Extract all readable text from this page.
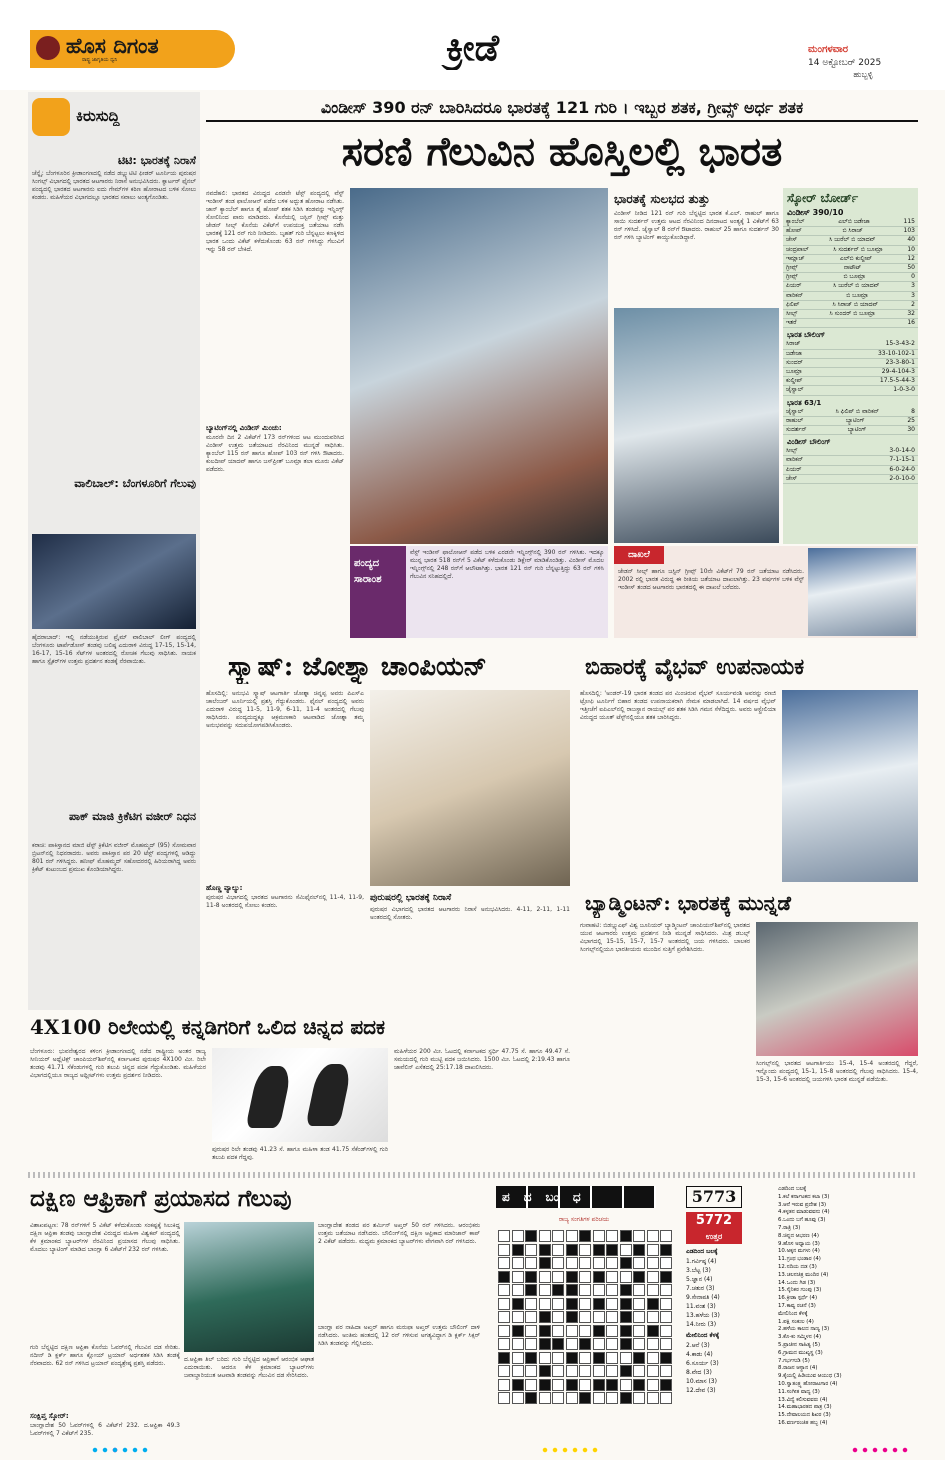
ಹೊಸ ದಿಗಂತ
ರಾಷ್ಟ್ರ ಜಾಗೃತಿಯ ಧ್ವನಿ	ಕ್ರೀಡೆ	ಮಂಗಳವಾರ
14 ಅಕ್ಟೋಬರ್ 2025
ಹುಬ್ಬಳ್ಳಿ
ಕಿರುಸುದ್ದಿ
ಟಿಟಿ: ಭಾರತಕ್ಕೆ ನಿರಾಸೆ
ಚೆನ್ನೈ: ಬೆಂಗಳೂರಿನ ಕ್ರೀಡಾಂಗಣದಲ್ಲಿ ನಡೆದ ಡಬ್ಲ್ಯುಟಿಟಿ ಫೀಡರ್ ಟೂರ್ನಿಯ ಪುರುಷರ ಸಿಂಗಲ್ಸ್ ವಿಭಾಗದಲ್ಲಿ ಭಾರತದ ಆಟಗಾರರು ನಿರಾಸೆ ಅನುಭವಿಸಿದರು. ಕ್ವಾರ್ಟರ್ ಫೈನಲ್ ಪಂದ್ಯದಲ್ಲಿ ಭಾರತದ ಆಟಗಾರನು ಐದು ಗೇಮ್‌ಗಳ ಕಠಿಣ ಹೋರಾಟದ ಬಳಿಕ ಸೋಲು ಕಂಡರು. ಮಹಿಳೆಯರ ವಿಭಾಗದಲ್ಲೂ ಭಾರತದ ಸವಾಲು ಅಂತ್ಯಗೊಂಡಿತು.
ವಾಲಿಬಾಲ್: ಬೆಂಗಳೂರಿಗೆ ಗೆಲುವು
ಹೈದರಾಬಾದ್: ಇಲ್ಲಿ ನಡೆಯುತ್ತಿರುವ ಪ್ರೈಮ್ ವಾಲಿಬಾಲ್ ಲೀಗ್ ಪಂದ್ಯದಲ್ಲಿ ಬೆಂಗಳೂರು ಟಾರ್ಪೆಡೋಸ್ ತಂಡವು ಬಲಿಷ್ಠ ಎದುರಾಳಿ ವಿರುದ್ಧ 17-15, 15-14, 16-17, 15-16 ಸೆಟ್‌ಗಳ ಅಂತರದಲ್ಲಿ ರೋಚಕ ಗೆಲುವು ಸಾಧಿಸಿತು. ನಾಯಕ ಹಾಗೂ ಸ್ಪೈಕರ್‌ಗಳ ಉತ್ತಮ ಪ್ರದರ್ಶನ ತಂಡಕ್ಕೆ ನೆರವಾಯಿತು.
ಪಾಕ್ ಮಾಜಿ ಕ್ರಿಕೆಟಿಗ ವಜೀರ್ ನಿಧನ
ಕರಾಚಿ: ಪಾಕಿಸ್ತಾನದ ಮಾಜಿ ಟೆಸ್ಟ್ ಕ್ರಿಕೆಟಿಗ ವಜೀರ್ ಮೊಹಮ್ಮದ್ (95) ಸೋಮವಾರ ಬ್ರಿಟನ್‌ನಲ್ಲಿ ನಿಧನರಾದರು. ಅವರು ಪಾಕಿಸ್ತಾನ ಪರ 20 ಟೆಸ್ಟ್ ಪಂದ್ಯಗಳಲ್ಲಿ ಆಡಿದ್ದು 801 ರನ್ ಗಳಿಸಿದ್ದರು. ಹನೀಫ್ ಮೊಹಮ್ಮದ್ ಸಹೋದರರಲ್ಲಿ ಹಿರಿಯರಾಗಿದ್ದ ಅವರು ಕ್ರಿಕೆಟ್ ಕುಟುಂಬದ ಪ್ರಮುಖ ಕೊಂಡಿಯಾಗಿದ್ದರು.
ವಿಂಡೀಸ್ 390 ರನ್ ಬಾರಿಸಿದರೂ ಭಾರತಕ್ಕೆ 121 ಗುರಿ । ಇಬ್ಬರ ಶತಕ, ಗ್ರೀವ್ಸ್ ಅರ್ಧ ಶತಕ
ಸರಣಿ ಗೆಲುವಿನ ಹೊಸ್ತಿಲಲ್ಲಿ ಭಾರತ
ನವದೆಹಲಿ: ಭಾರತದ ವಿರುದ್ಧದ ಎರಡನೇ ಟೆಸ್ಟ್ ಪಂದ್ಯದಲ್ಲಿ ವೆಸ್ಟ್ ಇಂಡೀಸ್ ತಂಡ ಫಾಲೋಆನ್ ಪಡೆದ ಬಳಿಕ ಅದ್ಭುತ ಹೋರಾಟ ನಡೆಸಿತು. ಜಾನ್ ಕ್ಯಾಂಬೆಲ್ ಹಾಗೂ ಶೈ ಹೋಪ್ ಶತಕ ಸಿಡಿಸಿ ತಂಡವನ್ನು ಇನ್ನಿಂಗ್ಸ್ ಸೋಲಿನಿಂದ ಪಾರು ಮಾಡಿದರು. ಕೊನೆಯಲ್ಲಿ ಜಸ್ಟಿನ್ ಗ್ರೀವ್ಸ್ ಮತ್ತು ಜೇಡನ್ ಸೀಲ್ಸ್ ಕೊನೆಯ ವಿಕೆಟ್‌ಗೆ ಉಪಯುಕ್ತ ಜತೆಯಾಟ ನಡೆಸಿ ಭಾರತಕ್ಕೆ 121 ರನ್ ಗುರಿ ನೀಡಿದರು. ಬೃಹತ್ ಗುರಿ ಬೆನ್ನಟ್ಟಲು ಕಣಕ್ಕಿಳಿದ ಭಾರತ ಒಂದು ವಿಕೆಟ್ ಕಳೆದುಕೊಂಡು 63 ರನ್ ಗಳಿಸಿದ್ದು ಗೆಲುವಿಗೆ ಇನ್ನು 58 ರನ್ ಬೇಕಿದೆ.
ಬ್ಯಾಟಿಂಗ್‌ನಲ್ಲಿ ವಿಂಡೀಸ್ ಮಿಂಚು:
ಮೂರನೇ ದಿನ 2 ವಿಕೆಟ್‌ಗೆ 173 ರನ್‌ಗಳಿಂದ ಆಟ ಮುಂದುವರಿಸಿದ ವಿಂಡೀಸ್ ಉತ್ತಮ ಜತೆಯಾಟದ ನೆರವಿನಿಂದ ಮುನ್ನಡೆ ಸಾಧಿಸಿತು. ಕ್ಯಾಂಬೆಲ್ 115 ರನ್ ಹಾಗೂ ಹೋಪ್ 103 ರನ್ ಗಳಿಸಿ ಔಟಾದರು. ಕುಲದೀಪ್ ಯಾದವ್ ಹಾಗೂ ಜಸ್‌ಪ್ರೀತ್ ಬೂಮ್ರಾ ತಲಾ ಮೂರು ವಿಕೆಟ್ ಪಡೆದರು.
ಭಾರತಕ್ಕೆ ಸುಲಭದ ತುತ್ತು
ವಿಂಡೀಸ್ ನೀಡಿದ 121 ರನ್ ಗುರಿ ಬೆನ್ನಟ್ಟಿದ ಭಾರತ ಕೆ.ಎಲ್. ರಾಹುಲ್ ಹಾಗೂ ಸಾಯಿ ಸುದರ್ಶನ್ ಉತ್ತಮ ಆಟದ ನೆರವಿನಿಂದ ದಿನದಾಟದ ಅಂತ್ಯಕ್ಕೆ 1 ವಿಕೆಟ್‌ಗೆ 63 ರನ್ ಗಳಿಸಿದೆ. ಜೈಸ್ವಾಲ್ 8 ರನ್‌ಗೆ ಔಟಾದರು. ರಾಹುಲ್ 25 ಹಾಗೂ ಸುದರ್ಶನ್ 30 ರನ್ ಗಳಿಸಿ ಬ್ಯಾಟಿಂಗ್ ಕಾಯ್ದುಕೊಂಡಿದ್ದಾರೆ.
ಸ್ಕೋರ್ ಬೋರ್ಡ್
ವಿಂಡೀಸ್ 390/10
ಕ್ಯಾಂಬೆಲ್	ಎಲ್‌ಬಿ ಜಡೇಜಾ	115
ಹೋಪ್	ಬಿ ಸಿರಾಜ್	103
ಚೇಸ್	ಸಿ ಜುರೆಲ್ ಬಿ ಯಾದವ್	40
ಚಂದ್ರಪಾಲ್	ಸಿ ಸುದರ್ಶನ್ ಬಿ ಬೂಮ್ರಾ	10
ಇಮ್ಲಾಚ್	ಎಲ್‌ಬಿ ಕುಲ್ದೀಪ್	12
ಗ್ರೀವ್ಸ್	ನಾಟೌಟ್	50
ಗ್ರೀವ್ಸ್	ಬಿ ಬೂಮ್ರಾ	0
ಪಿಯರ್	ಸಿ ಜುರೆಲ್ ಬಿ ಯಾದವ್	3
ವಾರಿಕನ್	ಬಿ ಬೂಮ್ರಾ	3
ಫಿಲಿಪ್	ಸಿ ಸಿರಾಜ್ ಬಿ ಯಾದವ್	2
ಸೀಲ್ಸ್	ಸಿ ಸುಂದರ್ ಬಿ ಬೂಮ್ರಾ	32
ಇತರೆ	16
ಭಾರತ ಬೌಲಿಂಗ್
ಸಿರಾಜ್	15-3-43-2
ಜಡೇಜಾ	33-10-102-1
ಸುಂದರ್	23-3-80-1
ಬೂಮ್ರಾ	29-4-104-3
ಕುಲ್ದೀಪ್	17.5-5-44-3
ಜೈಸ್ವಾಲ್	1-0-3-0
ಭಾರತ 63/1
ಜೈಸ್ವಾಲ್	ಸಿ ಫಿಲಿಪ್ ಬಿ ವಾರಿಕನ್	8
ರಾಹುಲ್	ಬ್ಯಾಟಿಂಗ್	25
ಸುದರ್ಶನ್	ಬ್ಯಾಟಿಂಗ್	30
ವಿಂಡೀಸ್ ಬೌಲಿಂಗ್
ಸೀಲ್ಸ್	3-0-14-0
ವಾರಿಕನ್	7-1-15-1
ಪಿಯರ್	6-0-24-0
ಚೇಸ್	2-0-10-0
ಪಂದ್ಯದ ಸಾರಾಂಶ
ವೆಸ್ಟ್ ಇಂಡೀಸ್ ಫಾಲೋಆನ್ ಪಡೆದ ಬಳಿಕ ಎರಡನೇ ಇನ್ನಿಂಗ್ಸ್‌ನಲ್ಲಿ 390 ರನ್ ಗಳಿಸಿತು. ಇದಕ್ಕೂ ಮುನ್ನ ಭಾರತ 518 ರನ್‌ಗೆ 5 ವಿಕೆಟ್ ಕಳೆದುಕೊಂಡು ಡಿಕ್ಲೇರ್ ಮಾಡಿಕೊಂಡಿತ್ತು. ವಿಂಡೀಸ್ ಮೊದಲ ಇನ್ನಿಂಗ್ಸ್‌ನಲ್ಲಿ 248 ರನ್‌ಗೆ ಆಲೌಟಾಗಿತ್ತು. ಭಾರತ 121 ರನ್ ಗುರಿ ಬೆನ್ನಟ್ಟುತ್ತಿದ್ದು 63 ರನ್ ಗಳಿಸಿ ಗೆಲುವಿನ ಸನಿಹದಲ್ಲಿದೆ.
ದಾಖಲೆ
ಜೇಡನ್ ಸೀಲ್ಸ್ ಹಾಗೂ ಜಸ್ಟಿನ್ ಗ್ರೀವ್ಸ್ 10ನೇ ವಿಕೆಟ್‌ಗೆ 79 ರನ್ ಜತೆಯಾಟ ನಡೆಸಿದರು. 2002 ರಲ್ಲಿ ಭಾರತ ವಿರುದ್ಧ ಈ ರೀತಿಯ ಜತೆಯಾಟ ದಾಖಲಾಗಿತ್ತು. 23 ವರ್ಷಗಳ ಬಳಿಕ ವೆಸ್ಟ್ ಇಂಡೀಸ್ ತಂಡದ ಆಟಗಾರರು ಭಾರತದಲ್ಲಿ ಈ ದಾಖಲೆ ಬರೆದರು.
ಸ್ಕ್ವಾಷ್: ಜೋಶ್ನಾ ಚಾಂಪಿಯನ್
ಹೊಸದಿಲ್ಲಿ: ಅನುಭವಿ ಸ್ಕ್ವಾಷ್ ಆಟಗಾರ್ತಿ ಜೋಶ್ನಾ ಚಿನ್ನಪ್ಪ ಅವರು ಪಿಎಸ್‌ಎ ಚಾಲೆಂಜರ್ ಟೂರ್ನಿಯಲ್ಲಿ ಪ್ರಶಸ್ತಿ ಗೆದ್ದುಕೊಂಡರು. ಫೈನಲ್ ಪಂದ್ಯದಲ್ಲಿ ಅವರು ಎದುರಾಳಿ ವಿರುದ್ಧ 11-5, 11-9, 6-11, 11-4 ಅಂತರದಲ್ಲಿ ಗೆಲುವು ಸಾಧಿಸಿದರು. ಪಂದ್ಯದುದ್ದಕ್ಕೂ ಆಕ್ರಮಣಕಾರಿ ಆಟವಾಡಿದ ಜೋಶ್ನಾ ತಮ್ಮ ಅನುಭವವನ್ನು ಸದುಪಯೋಗಪಡಿಸಿಕೊಂಡರು.
ಹೊಣ್ಣ ವ್ಯಾಲ್ಯು:
ಪುರುಷರ ವಿಭಾಗದಲ್ಲಿ ಭಾರತದ ಆಟಗಾರನು ಸೆಮಿಫೈನಲ್‌ನಲ್ಲಿ 11-4, 11-9, 11-8 ಅಂತರದಲ್ಲಿ ಸೋಲು ಕಂಡರು.
ಪುರುಷರಲ್ಲಿ ಭಾರತಕ್ಕೆ ನಿರಾಸೆ
ಪುರುಷರ ವಿಭಾಗದಲ್ಲಿ ಭಾರತದ ಆಟಗಾರರು ನಿರಾಸೆ ಅನುಭವಿಸಿದರು. 4-11, 2-11, 1-11 ಅಂತರದಲ್ಲಿ ಸೋತರು.
ಬಿಹಾರಕ್ಕೆ ವೈಭವ್ ಉಪನಾಯಕ
ಹೊಸದಿಲ್ಲಿ: 'ಅಂಡರ್-19 ಭಾರತ ತಂಡದ ಪರ ಮಿಂಚಿರುವ ವೈಭವ್ ಸೂರ್ಯವಂಶಿ ಅವರನ್ನು ರಣಜಿ ಟ್ರೋಫಿ ಟೂರ್ನಿಗೆ ಬಿಹಾರ ತಂಡದ ಉಪನಾಯಕರಾಗಿ ನೇಮಕ ಮಾಡಲಾಗಿದೆ. 14 ವರ್ಷದ ವೈಭವ್ ಇತ್ತೀಚೆಗೆ ಐಪಿಎಲ್‌ನಲ್ಲಿ ರಾಜಸ್ಥಾನ ರಾಯಲ್ಸ್ ಪರ ಶತಕ ಸಿಡಿಸಿ ಗಮನ ಸೆಳೆದಿದ್ದರು. ಅವರು ಆಸ್ಟ್ರೇಲಿಯಾ ವಿರುದ್ಧದ ಯೂತ್ ಟೆಸ್ಟ್‌ನಲ್ಲಿಯೂ ಶತಕ ಬಾರಿಸಿದ್ದರು.
ಬ್ಯಾಡ್ಮಿಂಟನ್: ಭಾರತಕ್ಕೆ ಮುನ್ನಡೆ
ಗುವಾಹಟಿ: ಬಿಡಬ್ಲ್ಯುಎಫ್ ವಿಶ್ವ ಜೂನಿಯರ್ ಬ್ಯಾಡ್ಮಿಂಟನ್ ಚಾಂಪಿಯನ್‌ಶಿಪ್‌ನಲ್ಲಿ ಭಾರತದ ಯುವ ಆಟಗಾರರು ಉತ್ತಮ ಪ್ರದರ್ಶನ ನೀಡಿ ಮುನ್ನಡೆ ಸಾಧಿಸಿದರು. ಮಿಶ್ರ ಡಬಲ್ಸ್ ವಿಭಾಗದಲ್ಲಿ 15-15, 15-7, 15-7 ಅಂತರದಲ್ಲಿ ಜಯ ಗಳಿಸಿದರು. ಬಾಲಕರ ಸಿಂಗಲ್ಸ್‌ನಲ್ಲಿಯೂ ಭಾರತೀಯರು ಮುಂದಿನ ಸುತ್ತಿಗೆ ಪ್ರವೇಶಿಸಿದರು.
ಸಿಂಗಲ್ಸ್‌ನಲ್ಲಿ ಭಾರತದ ಆಟಗಾರ್ತಿಯು 15-4, 15-4 ಅಂತರದಲ್ಲಿ ಗೆದ್ದರೆ, ಇನ್ನೊಂದು ಪಂದ್ಯದಲ್ಲಿ 15-1, 15-8 ಅಂತರದಲ್ಲಿ ಗೆಲುವು ಸಾಧಿಸಿದರು. 15-4, 15-3, 15-6 ಅಂತರದಲ್ಲಿ ಜಯಗಳಿಸಿ ಭಾರತ ಮುನ್ನಡೆ ಪಡೆಯಿತು.
4X100 ರಿಲೇಯಲ್ಲಿ ಕನ್ನಡಿಗರಿಗೆ ಒಲಿದ ಚಿನ್ನದ ಪದಕ
ಬೆಂಗಳೂರು: ಭುವನೇಶ್ವರದ ಕಳಿಂಗ ಕ್ರೀಡಾಂಗಣದಲ್ಲಿ ನಡೆದ ರಾಷ್ಟ್ರೀಯ ಅಂತರ ರಾಜ್ಯ ಸೀನಿಯರ್ ಅಥ್ಲೆಟಿಕ್ಸ್ ಚಾಂಪಿಯನ್‌ಶಿಪ್‌ನಲ್ಲಿ ಕರ್ನಾಟಕದ ಪುರುಷರ 4X100 ಮೀ. ರಿಲೇ ತಂಡವು 41.71 ಸೆಕೆಂಡುಗಳಲ್ಲಿ ಗುರಿ ತಲುಪಿ ಚಿನ್ನದ ಪದಕ ಗೆದ್ದುಕೊಂಡಿತು. ಮಹಿಳೆಯರ ವಿಭಾಗದಲ್ಲಿಯೂ ರಾಜ್ಯದ ಅಥ್ಲೀಟ್‌ಗಳು ಉತ್ತಮ ಪ್ರದರ್ಶನ ನೀಡಿದರು.
ಪುರುಷರ ರಿಲೇ ತಂಡವು 41.23 ಸೆ. ಹಾಗೂ ಮಹಿಳಾ ತಂಡ 41.75 ಸೆಕೆಂಡ್‌ಗಳಲ್ಲಿ ಗುರಿ ತಲುಪಿ ಪದಕ ಗೆದ್ದವು.
ಮಹಿಳೆಯರ 200 ಮೀ. ಓಟದಲ್ಲಿ ಕರ್ನಾಟಕದ ಸ್ಪರ್ಧಿ 47.75 ಸೆ. ಹಾಗೂ 49.47 ಸೆ. ಸಮಯದಲ್ಲಿ ಗುರಿ ಮುಟ್ಟಿ ಪದಕ ಜಯಿಸಿದರು. 1500 ಮೀ. ಓಟದಲ್ಲಿ 2:19.43 ಹಾಗೂ ಜಾವೆಲಿನ್ ಎಸೆತದಲ್ಲಿ 25:17.18 ದಾಖಲಿಸಿದರು.
ದಕ್ಷಿಣ ಆಫ್ರಿಕಾಗೆ ಪ್ರಯಾಸದ ಗೆಲುವು
ವಿಶಾಖಪಟ್ಟಣ: 78 ರನ್‌ಗಳಿಗೆ 5 ವಿಕೆಟ್ ಕಳೆದುಕೊಂಡು ಸಂಕಷ್ಟಕ್ಕೆ ಸಿಲುಕಿದ್ದ ದಕ್ಷಿಣ ಆಫ್ರಿಕಾ ತಂಡವು ಬಾಂಗ್ಲಾದೇಶ ವಿರುದ್ಧದ ಮಹಿಳಾ ವಿಶ್ವಕಪ್ ಪಂದ್ಯದಲ್ಲಿ ಕೆಳ ಕ್ರಮಾಂಕದ ಬ್ಯಾಟರ್‌ಗಳ ನೆರವಿನಿಂದ ಪ್ರಯಾಸದ ಗೆಲುವು ಸಾಧಿಸಿತು. ಮೊದಲು ಬ್ಯಾಟಿಂಗ್ ಮಾಡಿದ ಬಾಂಗ್ಲಾ 6 ವಿಕೆಟ್‌ಗೆ 232 ರನ್ ಗಳಿಸಿತು.
ಗುರಿ ಬೆನ್ನಟ್ಟಿದ ದಕ್ಷಿಣ ಆಫ್ರಿಕಾ ಕೊನೆಯ ಓವರ್‌ನಲ್ಲಿ ಗೆಲುವಿನ ದಡ ಸೇರಿತು. ನದೀನ್ ಡಿ ಕ್ಲರ್ಕ್ ಹಾಗೂ ಕ್ಲೋಯ್ ಟ್ರಯಾನ್ ಅರ್ಧಶತಕ ಸಿಡಿಸಿ ತಂಡಕ್ಕೆ ನೆರವಾದರು. 62 ರನ್ ಗಳಿಸಿದ ಟ್ರಯಾನ್ ಪಂದ್ಯಶ್ರೇಷ್ಠ ಪ್ರಶಸ್ತಿ ಪಡೆದರು.
ಸಂಕ್ಷಿಪ್ತ ಸ್ಕೋರ್:
ಬಾಂಗ್ಲಾದೇಶ 50 ಓವರ್‌ಗಳಲ್ಲಿ 6 ವಿಕೆಟ್‌ಗೆ 232. ದ.ಆಫ್ರಿಕಾ 49.3 ಓವರ್‌ಗಳಲ್ಲಿ 7 ವಿಕೆಟ್‌ಗೆ 235.
ದ.ಆಫ್ರಿಕಾ ತಿಲ್ ಬರಿದ: ಗುರಿ ಬೆನ್ನಟ್ಟಿದ ಆಫ್ರಿಕಾಗೆ ಆರಂಭಿಕ ಆಘಾತ ಎದುರಾಯಿತು. ಆದರೂ ಕೆಳ ಕ್ರಮಾಂಕದ ಬ್ಯಾಟರ್‌ಗಳು ಜವಾಬ್ದಾರಿಯುತ ಆಟವಾಡಿ ತಂಡವನ್ನು ಗೆಲುವಿನ ದಡ ಸೇರಿಸಿದರು.
ಬಾಂಗ್ಲಾದೇಶ ತಂಡದ ಪರ ಶರ್ಮಿನ್ ಅಖ್ತರ್ 50 ರನ್ ಗಳಿಸಿದರು. ಆರಂಭಿಕರು ಉತ್ತಮ ಜತೆಯಾಟ ನಡೆಸಿದರು. ಬೌಲಿಂಗ್‌ನಲ್ಲಿ ದಕ್ಷಿಣ ಆಫ್ರಿಕಾದ ಮಾರಿಜಾನ್ ಕಾಪ್ 2 ವಿಕೆಟ್ ಪಡೆದರು. ಮಧ್ಯಮ ಕ್ರಮಾಂಕದ ಬ್ಯಾಟರ್‌ಗಳು ವೇಗವಾಗಿ ರನ್ ಗಳಿಸಿದರು.
ಬಾಂಗ್ಲಾ ಪರ ನಾಹಿದಾ ಅಖ್ತರ್ ಹಾಗೂ ಮರುಫಾ ಅಖ್ತರ್ ಉತ್ತಮ ಬೌಲಿಂಗ್ ದಾಳಿ ನಡೆಸಿದರು. ಅಂತಿಮ ಹಂತದಲ್ಲಿ 12 ರನ್ ಗಳಿಸುವ ಅಗತ್ಯವಿದ್ದಾಗ ಡಿ ಕ್ಲರ್ಕ್ ಸಿಕ್ಸರ್ ಸಿಡಿಸಿ ತಂಡವನ್ನು ಗೆಲ್ಲಿಸಿದರು.
ಪದಬಂಧ
ರಾಜ್ಯ ಸಂಗತಿಗಳ ಪರಿಚಯ
5773
5772
ಉತ್ತರ
ಎಡದಿಂದ ಬಲಕ್ಕೆ
1.ಗರ್ವಿಷ್ಠ (4)
3.ಬೆಟ್ಟ (3)
5.ಜ್ಞಾನ (4)
7.ಚತುರ (3)
9.ಸೇನಾಪತಿ (4)
11.ವಂಶ (3)
13.ಹಳೆಯ (3)
14.ನೀರು (3)
ಮೇಲಿನಿಂದ ಕೆಳಕ್ಕೆ
2.ಆನೆ (3)
4.ಕಾಡು (4)
6.ಸೂರ್ಯ (3)
8.ವೇದ (3)
10.ಮಾಸ (3)
12.ದೇವ (3)
ಎಡದಿಂದ ಬಲಕ್ಕೆ
1.ಕಲೆ ಕರ್ನಾಟಕದ ಕಲಾ (3)
3.ಆನೆ ಇರುವ ಪ್ರದೇಶ (3)
4.ಕಳ್ಳತನ ಮಾಡುವವನು (4)
6.ಒಂದು ಬಗೆ ಹೂವು (3)
7.ರಾತ್ರಿ (3)
8.ಚಿನ್ನದ ಆಭರಣ (4)
9.ಹೊಸ ಅಧ್ಯಾಯ (3)
10.ಅಕ್ಕನ ಮಗಳು (4)
11.ಗ್ರಂಥ ಭಂಡಾರ (4)
12.ನದಿಯ ದಡ (3)
13.ಚಲನಚಿತ್ರ ಮಂದಿರ (4)
14.ಒಂದು ಗಿಡ (3)
15.ಸೈನಿಕರ ಗುಂಪು (3)
16.ಕ್ರೀಡಾ ಸ್ಪರ್ಧೆ (4)
17.ಕಾವ್ಯ ರಚನೆ (3)
ಮೇಲಿನಿಂದ ಕೆಳಕ್ಕೆ
1.ಪಕ್ಷಿ ಸಂಕುಲ (4)
2.ಹಳೆಯ ಕಾಲದ ನಾಣ್ಯ (3)
3.ಕೊ-ಕು ಸಮ್ಮಿಳನ (4)
5.ಪ್ರಾಚೀನ ಸಾಹಿತ್ಯ (5)
6.ಗ್ರಾಮದ ಮುಖ್ಯಸ್ಥ (3)
7.ಗರ್ಭಗುಡಿ (5)
8.ರಾಜನ ಆಸ್ಥಾನ (4)
9.ಕೈಯಲ್ಲಿ ಹಿಡಿಯುವ ಆಯುಧ (3)
10.ಸ್ವಾತಂತ್ರ್ಯ ಹೋರಾಟಗಾರ (4)
11.ಸಂಗೀತ ವಾದ್ಯ (3)
13.ವಿದ್ಯೆ ಕಲಿಸುವವರು (4)
14.ಮಹಾಭಾರತದ ಪಾತ್ರ (3)
15.ದೇವಾಲಯದ ಶಿಖರ (3)
16.ವರ್ಣರಂಜಿತ ಹಬ್ಬ (4)
